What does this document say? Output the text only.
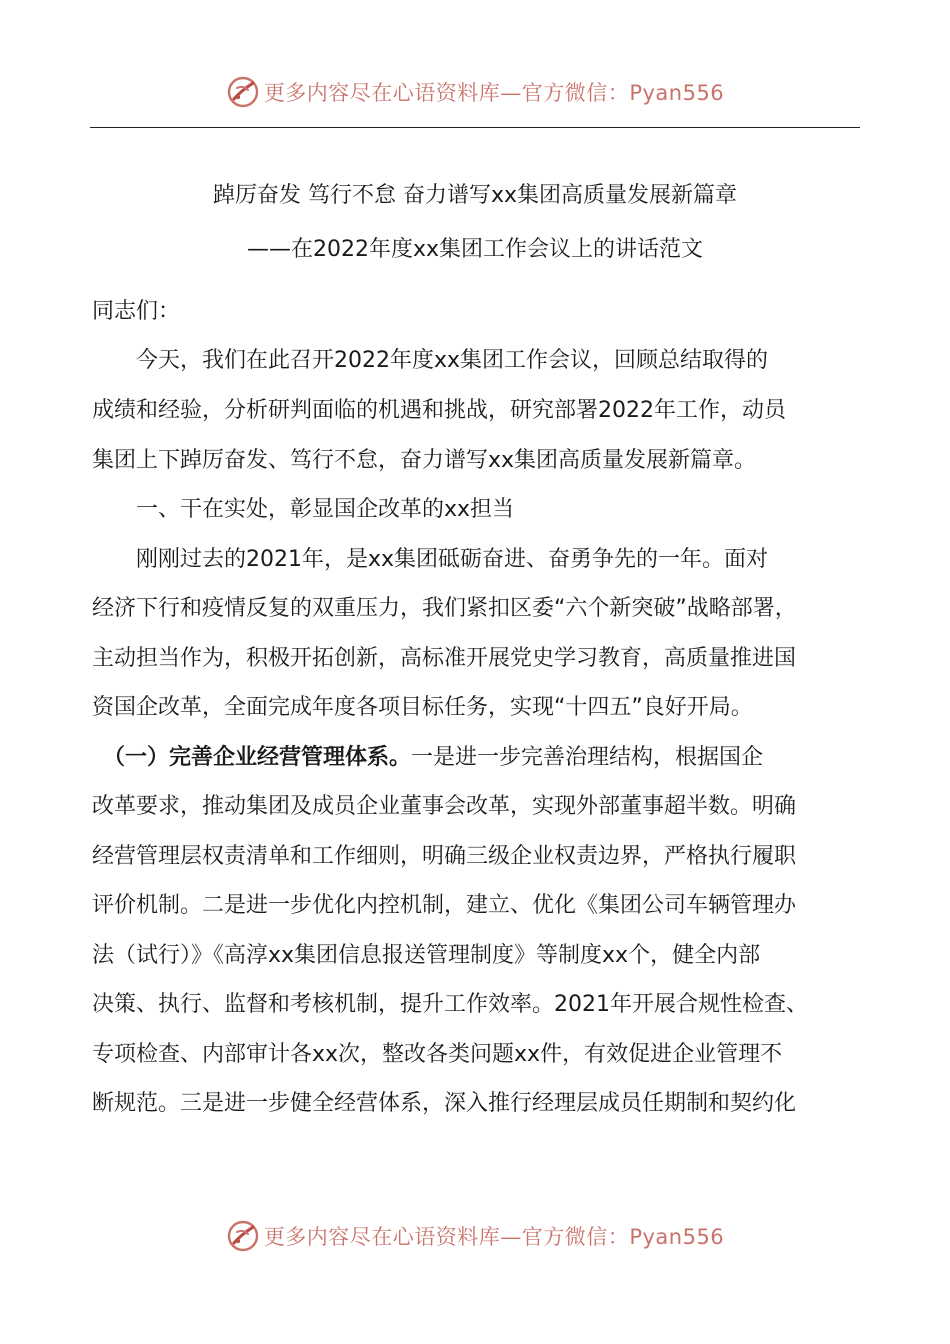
更多内容尽在心语资料库—官方微信：Pyan556
踔厉奋发 笃行不怠 奋力谱写xx集团高质量发展新篇章
——在2022年度xx集团工作会议上的讲话范文
同志们：
　　今天，我们在此召开2022年度xx集团工作会议，回顾总结取得的
成绩和经验，分析研判面临的机遇和挑战，研究部署2022年工作，动员
集团上下踔厉奋发、笃行不怠，奋力谱写xx集团高质量发展新篇章。
　　一、干在实处，彰显国企改革的xx担当
　　刚刚过去的2021年，是xx集团砥砺奋进、奋勇争先的一年。面对
经济下行和疫情反复的双重压力，我们紧扣区委“六个新突破”战略部署，
主动担当作为，积极开拓创新，高标准开展党史学习教育，高质量推进国
资国企改革，全面完成年度各项目标任务，实现“十四五”良好开局。
　（一）完善企业经营管理体系。一是进一步完善治理结构，根据国企
改革要求，推动集团及成员企业董事会改革，实现外部董事超半数。明确
经营管理层权责清单和工作细则，明确三级企业权责边界，严格执行履职
评价机制。二是进一步优化内控机制，建立、优化《集团公司车辆管理办
法（试行）》《高淳xx集团信息报送管理制度》等制度xx个，健全内部
决策、执行、监督和考核机制，提升工作效率。2021年开展合规性检查、
专项检查、内部审计各xx次，整改各类问题xx件，有效促进企业管理不
断规范。三是进一步健全经营体系，深入推行经理层成员任期制和契约化
更多内容尽在心语资料库—官方微信：Pyan556
